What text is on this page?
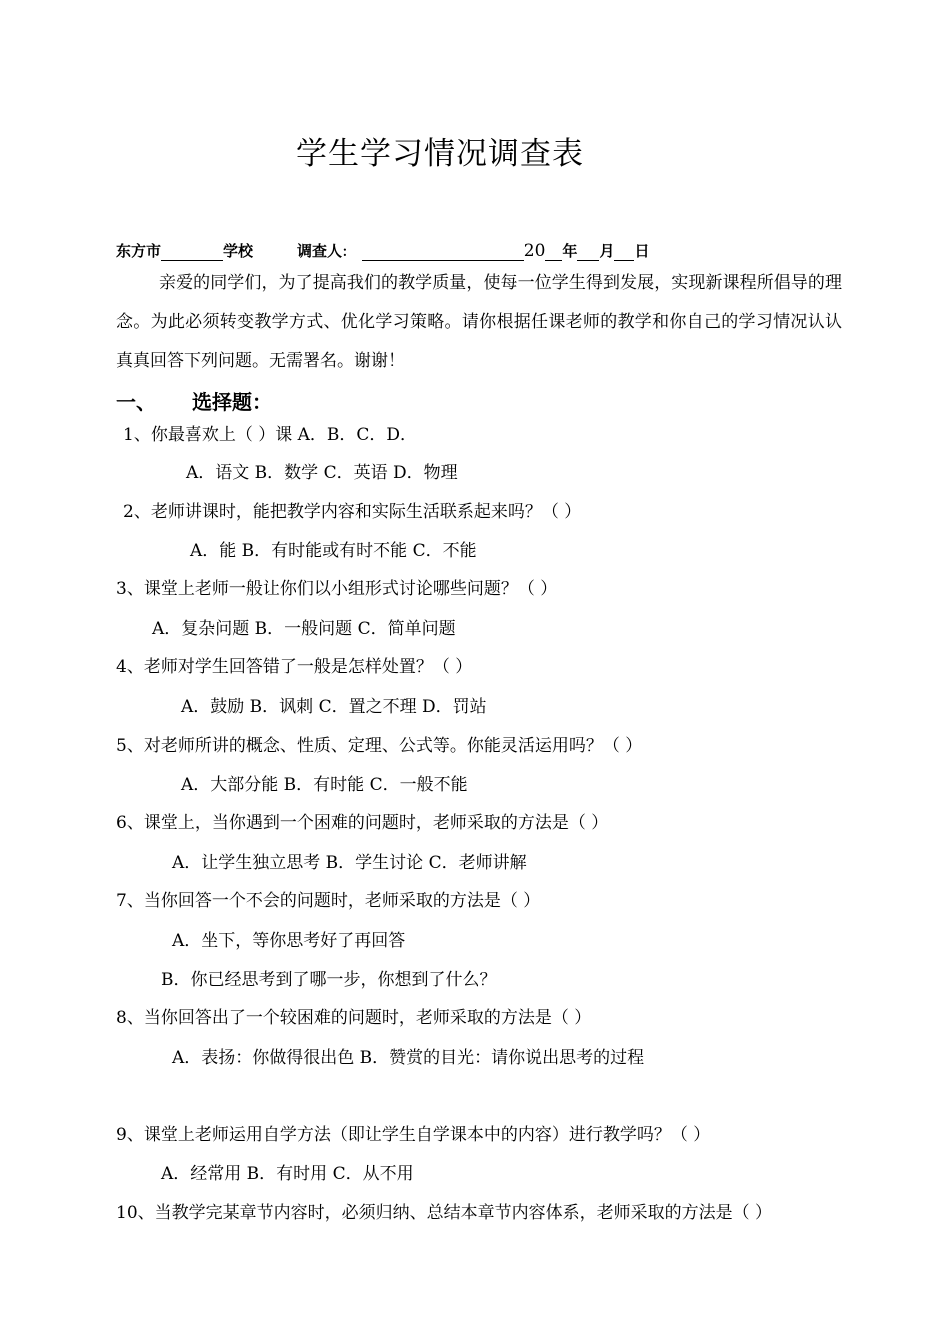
学生学习情况调查表
东方市	学校	调查人:	20 年 月 日
亲爱的同学们，为了提高我们的教学质量，使每一位学生得到发展，实现新课程所倡导的理念。为此必须转变教学方式、优化学习策略。请你根据任课老师的教学和你自己的学习情况认认真真回答下列问题。无需署名。谢谢！
一、 选择题：
1、你最喜欢上（ ）课 A．B．C．D．
A．语文 B．数学 C．英语 D．物理
2、老师讲课时，能把教学内容和实际生活联系起来吗？（ ）
A．能 B．有时能或有时不能 C．不能
3、课堂上老师一般让你们以小组形式讨论哪些问题？（ ）
A．复杂问题 B．一般问题 C．简单问题
4、老师对学生回答错了一般是怎样处置？（ ）
A．鼓励 B．讽刺 C．置之不理 D．罚站
5、对老师所讲的概念、性质、定理、公式等。你能灵活运用吗？（ ）
A．大部分能 B．有时能 C．一般不能
6、课堂上，当你遇到一个困难的问题时，老师采取的方法是（ ）
A．让学生独立思考 B．学生讨论 C．老师讲解
7、当你回答一个不会的问题时，老师采取的方法是（ ）
A．坐下，等你思考好了再回答
B．你已经思考到了哪一步，你想到了什么？
8、当你回答出了一个较困难的问题时，老师采取的方法是（ ）
A．表扬：你做得很出色 B．赞赏的目光：请你说出思考的过程
9、课堂上老师运用自学方法（即让学生自学课本中的内容）进行教学吗？（ ）
A．经常用 B．有时用 C．从不用
10、当教学完某章节内容时，必须归纳、总结本章节内容体系，老师采取的方法是（ ）
